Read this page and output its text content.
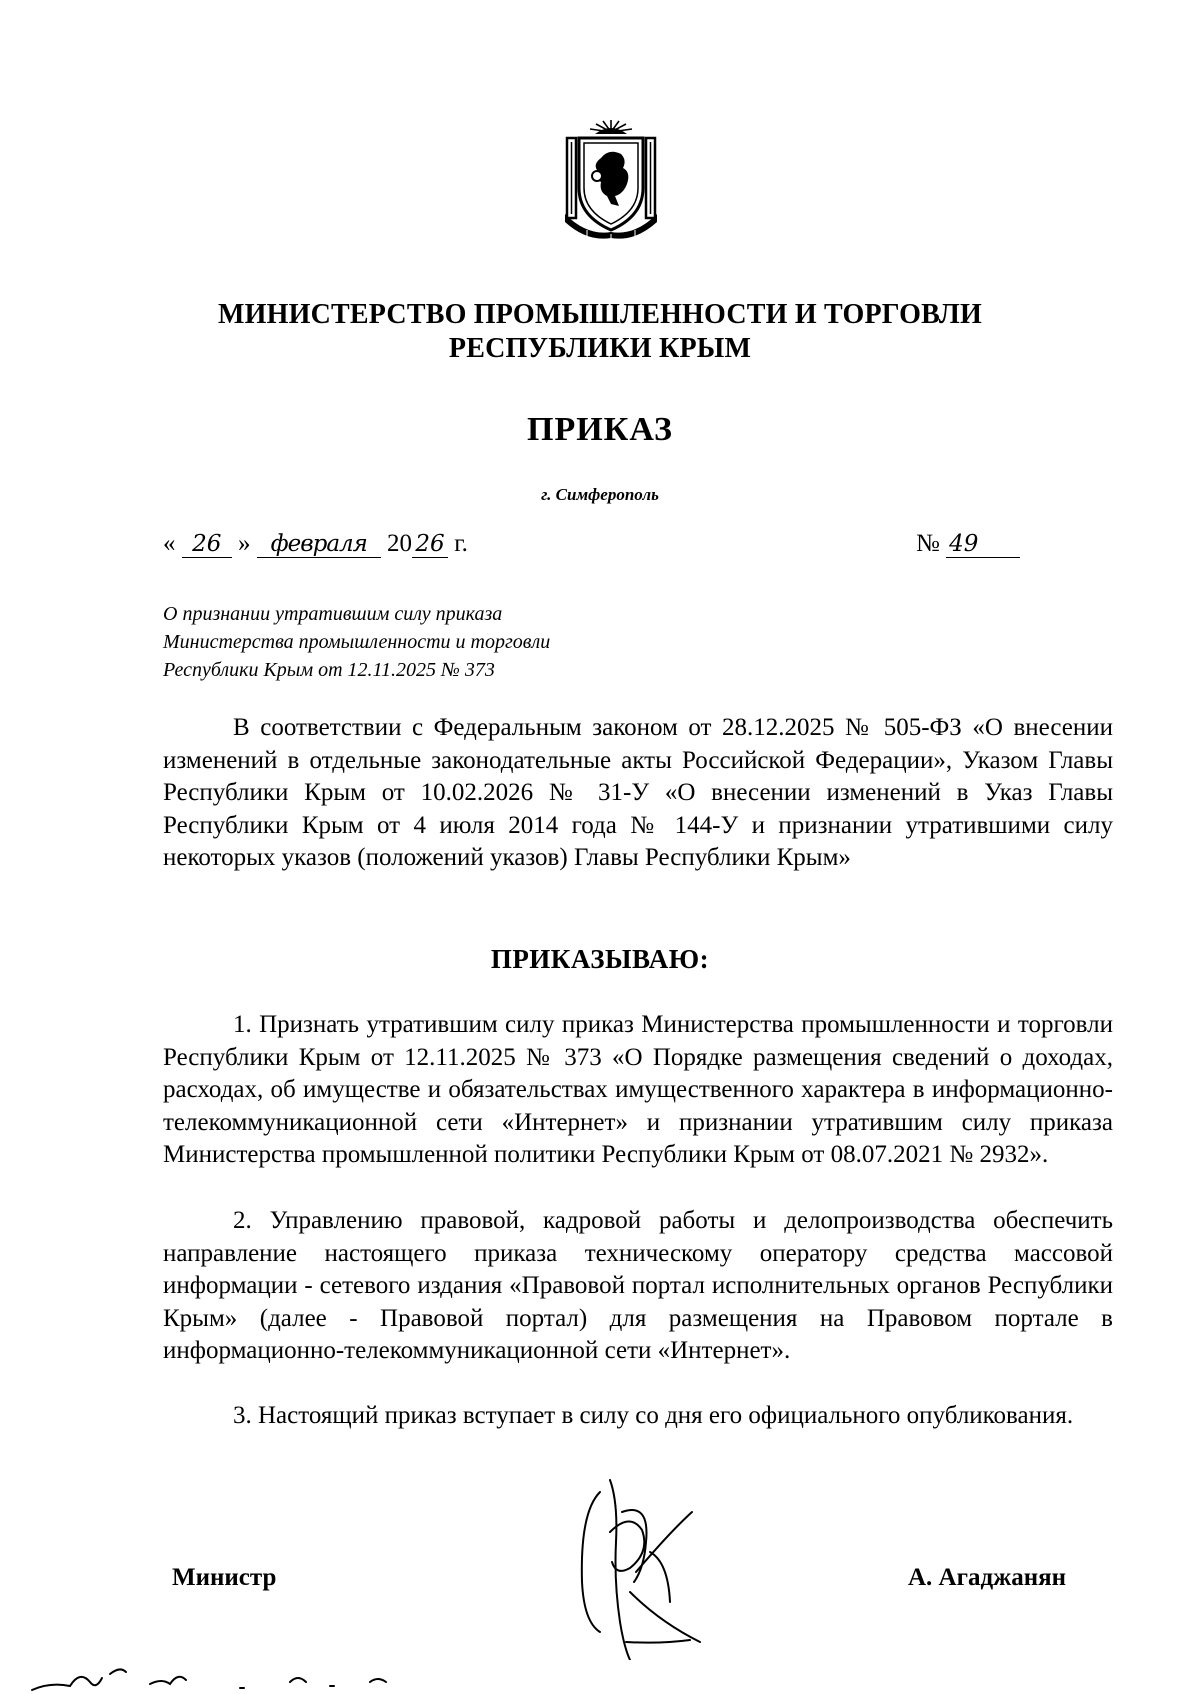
МИНИСТЕРСТВО ПРОМЫШЛЕННОСТИ И ТОРГОВЛИ
РЕСПУБЛИКИ КРЫМ
ПРИКАЗ
г. Симферополь
« 26 » февраля 20 26 г.	№ 49
О признании утратившим силу приказа
Министерства промышленности и торговли
Республики Крым от 12.11.2025 № 373

В соответствии с Федеральным законом от 28.12.2025 № 505-ФЗ «О внесении изменений в отдельные законодательные акты Российской Федерации», Указом Главы Республики Крым от 10.02.2026 № 31-У «О внесении изменений в Указ Главы Республики Крым от 4 июля 2014 года № 144-У и признании утратившими силу некоторых указов (положений указов) Главы Республики Крым»

ПРИКАЗЫВАЮ:

1. Признать утратившим силу приказ Министерства промышленности и торговли Республики Крым от 12.11.2025 № 373 «О Порядке размещения сведений о доходах, расходах, об имуществе и обязательствах имущественного характера в информационно-телекоммуникационной сети «Интернет» и признании утратившим силу приказа Министерства промышленной политики Республики Крым от 08.07.2021 № 2932».

2. Управлению правовой, кадровой работы и делопроизводства обеспечить направление настоящего приказа техническому оператору средства массовой информации - сетевого издания «Правовой портал исполнительных органов Республики Крым» (далее - Правовой портал) для размещения на Правовом портале в информационно-телекоммуникационной сети «Интернет».

3. Настоящий приказ вступает в силу со дня его официального опубликования.

Министр	А. Агаджанян
